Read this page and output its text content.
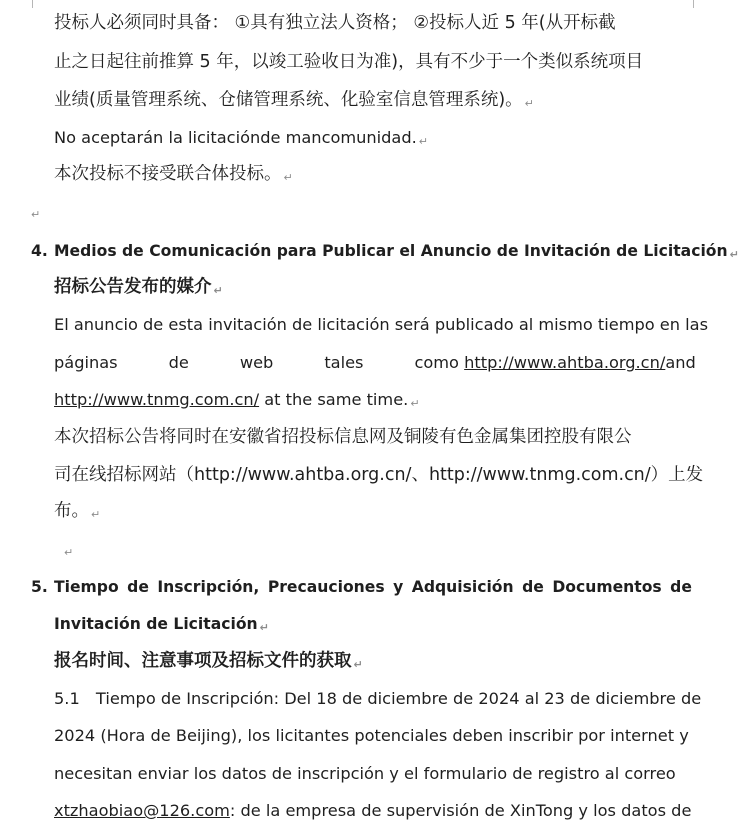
投标人必须同时具备： ①具有独立法人资格； ②投标人近 5 年(从开标截
止之日起往前推算 5 年，以竣工验收日为准)，具有不少于一个类似系统项目
业绩(质量管理系统、仓储管理系统、化验室信息管理系统)。 ↵
No aceptarán la licitaciónde mancomunidad. ↵
本次投标不接受联合体投标。 ↵
↵
4. Medios de Comunicación para Publicar el Anuncio de Invitación de Licitación ↵
招标公告发布的媒介 ↵
El anuncio de esta invitación de licitación será publicado al mismo tiempo en las
páginas	de	web	tales	como http://www.ahtba.org.cn/and
http://www.tnmg.com.cn/ at the same time. ↵
本次招标公告将同时在安徽省招投标信息网及铜陵有色金属集团控股有限公
司在线招标网站（http://www.ahtba.org.cn/、http://www.tnmg.com.cn/）上发
布。 ↵
↵
5. Tiempo de Inscripción, Precauciones y Adquisición de Documentos de
Invitación de Licitación ↵
报名时间、注意事项及招标文件的获取 ↵
5.1　Tiempo de Inscripción: Del 18 de diciembre de 2024 al 23 de diciembre de
2024 (Hora de Beijing), los licitantes potenciales deben inscribir por internet y
necesitan enviar los datos de inscripción y el formulario de registro al correo
xtzhaobiao@126.com: de la empresa de supervisión de XinTong y los datos de
